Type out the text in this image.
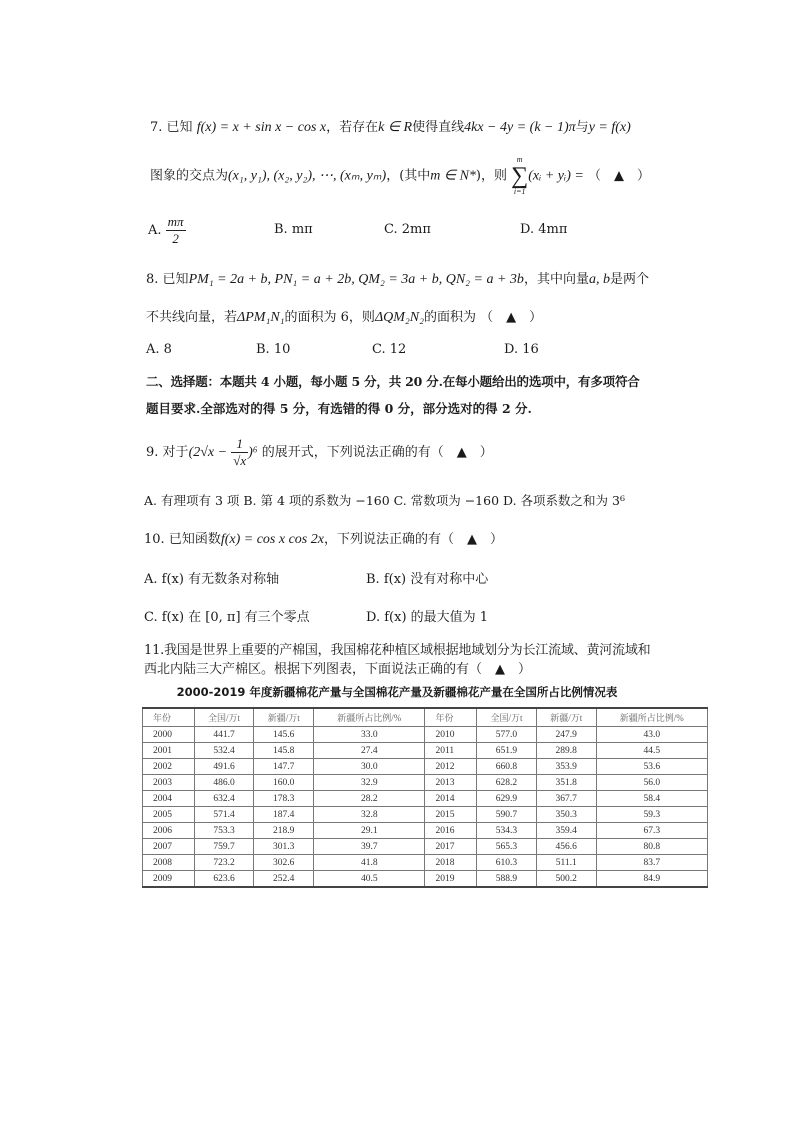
7. 已知 f(x) = x + sin x − cos x，若存在k ∈ R使得直线4kx − 4y = (k − 1)π与y = f(x)
图象的交点为(x₁, y₁), (x₂, y₂), ⋯, (xₘ, yₘ)，(其中m ∈ N*)，则
m
∑
i=1
(xᵢ + yᵢ) = （　▲　）
A. $\frac{m\pi}{2}$	B. mπ	C. 2mπ	D. 4mπ
8. 已知PM₁ = 2a + b, PN₁ = a + 2b, QM₂ = 3a + b, QN₂ = a + 3b，其中向量a, b是两个
不共线向量，若ΔPM₁N₁的面积为 6，则ΔQM₂N₂的面积为 （　▲　）
A. 8	B. 10	C. 12	D. 16
二、选择题：本题共 4 小题，每小题 5 分，共 20 分.在每小题给出的选项中，有多项符合
题目要求.全部选对的得 5 分，有选错的得 0 分，部分选对的得 2 分.
9. 对于$(2√x - \frac{1}{√x} )^6$ 的展开式，下列说法正确的有（　▲　）
A. 有理项有 3 项 B. 第 4 项的系数为 −160 C. 常数项为 −160 D. 各项系数之和为 3⁶
10. 已知函数f(x) = cos x cos 2x，下列说法正确的有（　▲　）
A. f(x) 有无数条对称轴	B. f(x) 没有对称中心
C. f(x) 在 [0, π] 有三个零点	D. f(x) 的最大值为 1
11.我国是世界上重要的产棉国，我国棉花种植区域根据地域划分为长江流域、黄河流域和
西北内陆三大产棉区。根据下列图表，下面说法正确的有（　▲　）
2000-2019 年度新疆棉花产量与全国棉花产量及新疆棉花产量在全国所占比例情况表
年份	全国/万t	新疆/万t	新疆所占比例/%	年份	全国/万t	新疆/万t	新疆所占比例/%
2000	441.7	145.6	33.0	2010	577.0	247.9	43.0
2001	532.4	145.8	27.4	2011	651.9	289.8	44.5
2002	491.6	147.7	30.0	2012	660.8	353.9	53.6
2003	486.0	160.0	32.9	2013	628.2	351.8	56.0
2004	632.4	178.3	28.2	2014	629.9	367.7	58.4
2005	571.4	187.4	32.8	2015	590.7	350.3	59.3
2006	753.3	218.9	29.1	2016	534.3	359.4	67.3
2007	759.7	301.3	39.7	2017	565.3	456.6	80.8
2008	723.2	302.6	41.8	2018	610.3	511.1	83.7
2009	623.6	252.4	40.5	2019	588.9	500.2	84.9
